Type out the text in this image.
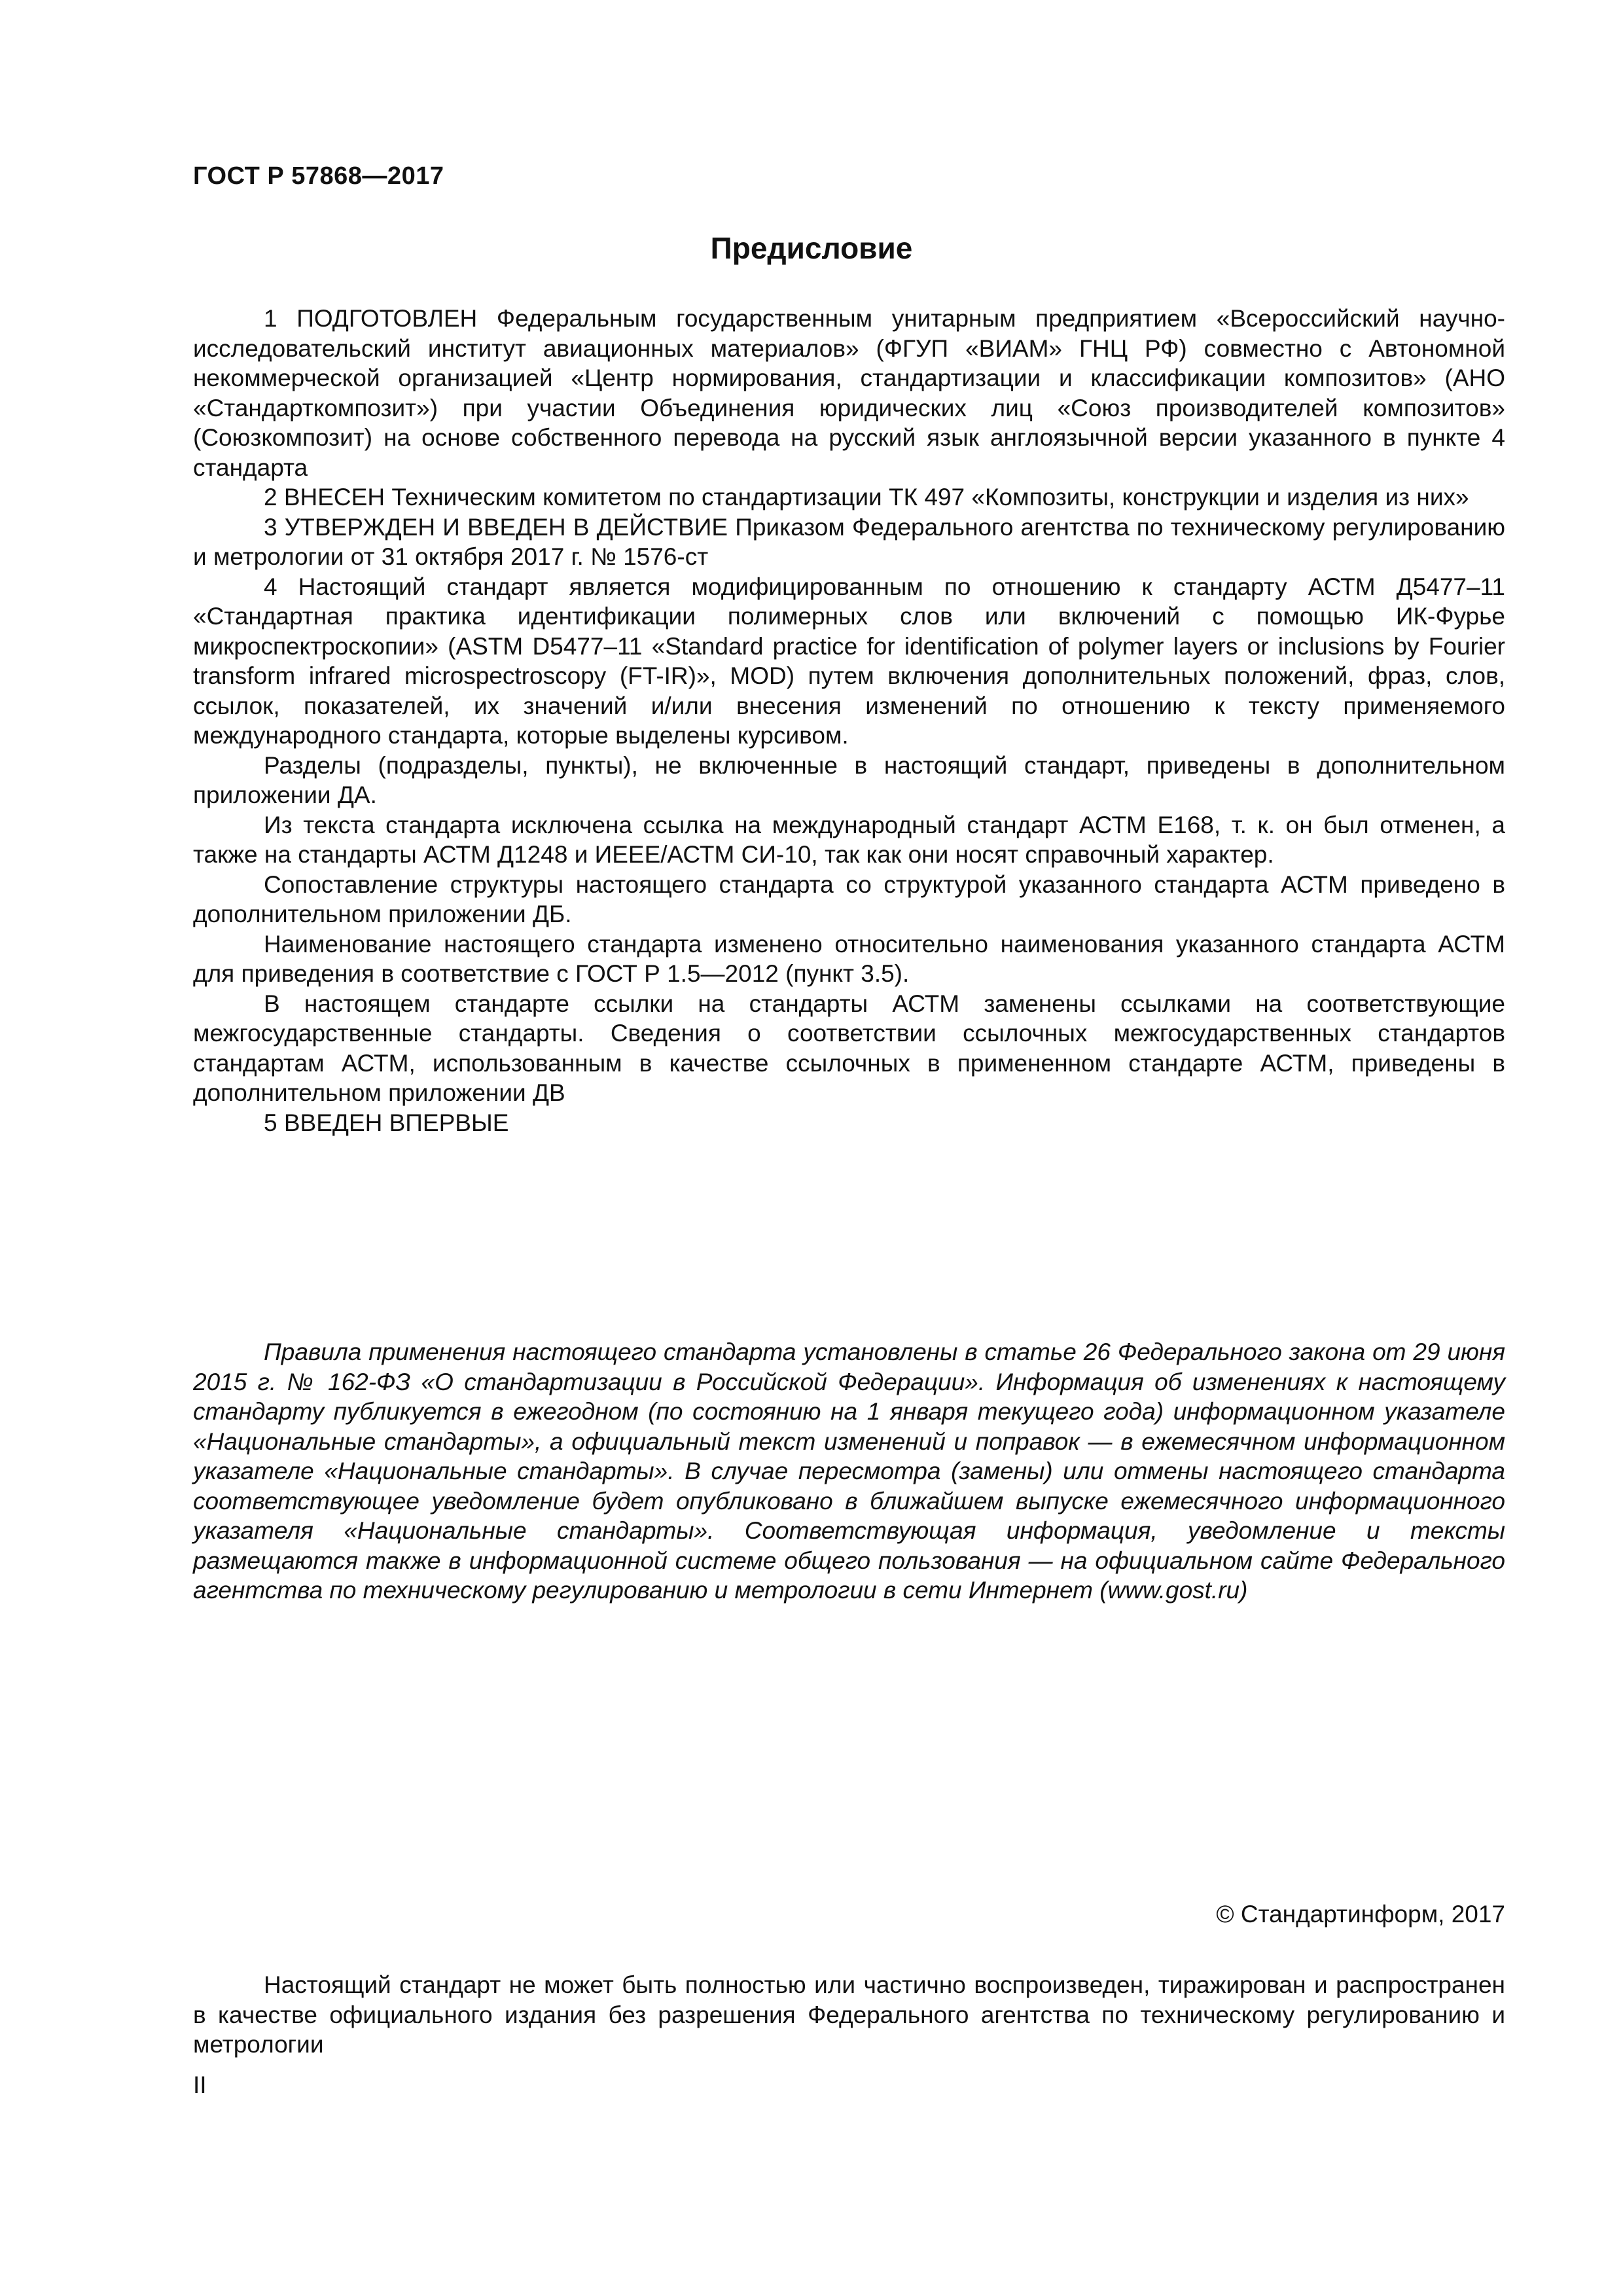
ГОСТ Р 57868—2017
Предисловие

1 ПОДГОТОВЛЕН Федеральным государственным унитарным предприятием «Всероссийский научно-исследовательский институт авиационных материалов» (ФГУП «ВИАМ» ГНЦ РФ) совместно с Автономной некоммерческой организацией «Центр нормирования, стандартизации и классификации композитов» (АНО «Стандарткомпозит») при участии Объединения юридических лиц «Союз производителей композитов» (Союзкомпозит) на основе собственного перевода на русский язык англоязычной версии указанного в пункте 4 стандарта

2 ВНЕСЕН Техническим комитетом по стандартизации ТК 497 «Композиты, конструкции и изделия из них»

3 УТВЕРЖДЕН И ВВЕДЕН В ДЕЙСТВИЕ Приказом Федерального агентства по техническому регулированию и метрологии от 31 октября 2017 г. № 1576-ст

4 Настоящий стандарт является модифицированным по отношению к стандарту АСТМ Д5477–11 «Стандартная практика идентификации полимерных слов или включений с помощью ИК-Фурье микроспектроскопии» (ASTM D5477–11 «Standard practice for identification of polymer layers or inclusions by Fourier transform infrared microspectroscopy (FT-IR)», MOD) путем включения дополнительных положений, фраз, слов, ссылок, показателей, их значений и/или внесения изменений по отношению к тексту применяемого международного стандарта, которые выделены курсивом.

Разделы (подразделы, пункты), не включенные в настоящий стандарт, приведены в дополнительном приложении ДА.

Из текста стандарта исключена ссылка на международный стандарт АСТМ Е168, т. к. он был отменен, а также на стандарты АСТМ Д1248 и ИЕЕЕ/АСТМ СИ-10, так как они носят справочный характер.

Сопоставление структуры настоящего стандарта со структурой указанного стандарта АСТМ приведено в дополнительном приложении ДБ.

Наименование настоящего стандарта изменено относительно наименования указанного стандарта АСТМ для приведения в соответствие с ГОСТ Р 1.5—2012 (пункт 3.5).

В настоящем стандарте ссылки на стандарты АСТМ заменены ссылками на соответствующие межгосударственные стандарты. Сведения о соответствии ссылочных межгосударственных стандартов стандартам АСТМ, использованным в качестве ссылочных в примененном стандарте АСТМ, приведены в дополнительном приложении ДВ

5 ВВЕДЕН ВПЕРВЫЕ

Правила применения настоящего стандарта установлены в статье 26 Федерального закона от 29 июня 2015 г. № 162-ФЗ «О стандартизации в Российской Федерации». Информация об изменениях к настоящему стандарту публикуется в ежегодном (по состоянию на 1 января текущего года) информационном указателе «Национальные стандарты», а официальный текст изменений и поправок — в ежемесячном информационном указателе «Национальные стандарты». В случае пересмотра (замены) или отмены настоящего стандарта соответствующее уведомление будет опубликовано в ближайшем выпуске ежемесячного информационного указателя «Национальные стандарты». Соответствующая информация, уведомление и тексты размещаются также в информационной системе общего пользования — на официальном сайте Федерального агентства по техническому регулированию и метрологии в сети Интернет (www.gost.ru)

© Стандартинформ, 2017

Настоящий стандарт не может быть полностью или частично воспроизведен, тиражирован и распространен в качестве официального издания без разрешения Федерального агентства по техническому регулированию и метрологии

II
